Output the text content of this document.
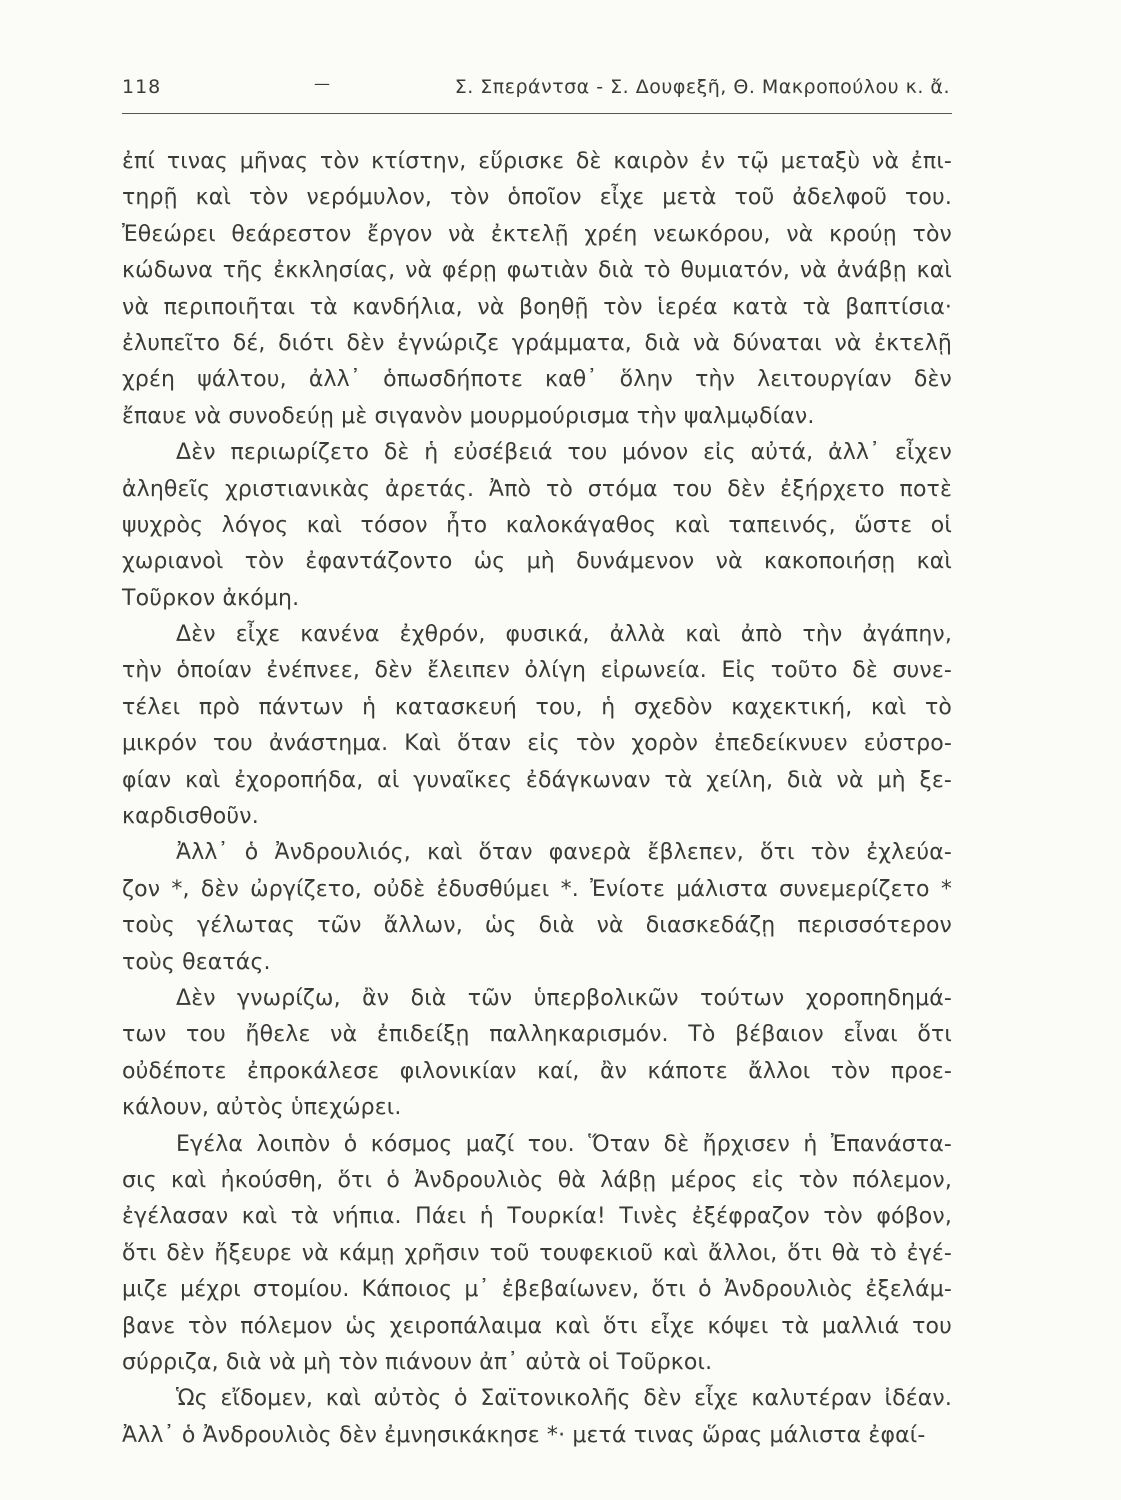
118	—	Σ. Σπεράντσα - Σ. Δουφεξῆ, Θ. Μακροπούλου κ. ἄ.
ἐπί τινας μῆνας τὸν κτίστην, εὕρισκε δὲ καιρὸν ἐν τῷ μεταξὺ νὰ ἐπι-
τηρῇ καὶ τὸν νερόμυλον, τὸν ὁποῖον εἶχε μετὰ τοῦ ἀδελφοῦ του.
Ἐθεώρει θεάρεστον ἔργον νὰ ἐκτελῇ χρέη νεωκόρου, νὰ κρούῃ τὸν
κώδωνα τῆς ἐκκλησίας, νὰ φέρῃ φωτιὰν διὰ τὸ θυμιατόν, νὰ ἀνάβῃ καὶ
νὰ περιποιῆται τὰ κανδήλια, νὰ βοηθῇ τὸν ἱερέα κατὰ τὰ βαπτίσια·
ἐλυπεῖτο δέ, διότι δὲν ἐγνώριζε γράμματα, διὰ νὰ δύναται νὰ ἐκτελῇ
χρέη ψάλτου, ἀλλ᾽ ὁπωσδήποτε καθ᾽ ὅλην τὴν λειτουργίαν δὲν
ἔπαυε νὰ συνοδεύῃ μὲ σιγανὸν μουρμούρισμα τὴν ψαλμῳδίαν.
Δὲν περιωρίζετο δὲ ἡ εὐσέβειά του μόνον εἰς αὐτά, ἀλλ᾽ εἶχεν
ἀληθεῖς χριστιανικὰς ἀρετάς. Ἀπὸ τὸ στόμα του δὲν ἐξήρχετο ποτὲ
ψυχρὸς λόγος καὶ τόσον ἦτο καλοκάγαθος καὶ ταπεινός, ὥστε οἱ
χωριανοὶ τὸν ἐφαντάζοντο ὡς μὴ δυνάμενον νὰ κακοποιήσῃ καὶ
Τοῦρκον ἀκόμη.
Δὲν εἶχε κανένα ἐχθρόν, φυσικά, ἀλλὰ καὶ ἀπὸ τὴν ἀγάπην,
τὴν ὁποίαν ἐνέπνεε, δὲν ἔλειπεν ὀλίγη εἰρωνεία. Εἰς τοῦτο δὲ συνε-
τέλει πρὸ πάντων ἡ κατασκευή του, ἡ σχεδὸν καχεκτική, καὶ τὸ
μικρόν του ἀνάστημα. Καὶ ὅταν εἰς τὸν χορὸν ἐπεδείκνυεν εὐστρο-
φίαν καὶ ἐχοροπήδα, αἱ γυναῖκες ἐδάγκωναν τὰ χείλη, διὰ νὰ μὴ ξε-
καρδισθοῦν.
Ἀλλ᾽ ὁ Ἀνδρουλιός, καὶ ὅταν φανερὰ ἔβλεπεν, ὅτι τὸν ἐχλεύα-
ζον *, δὲν ὠργίζετο, οὐδὲ ἐδυσθύμει *. Ἐνίοτε μάλιστα συνεμερίζετο *
τοὺς γέλωτας τῶν ἄλλων, ὡς διὰ νὰ διασκεδάζῃ περισσότερον
τοὺς θεατάς.
Δὲν γνωρίζω, ἂν διὰ τῶν ὑπερβολικῶν τούτων χοροπηδημά-
των του ἤθελε νὰ ἐπιδείξῃ παλληκαρισμόν. Τὸ βέβαιον εἶναι ὅτι
οὐδέποτε ἐπροκάλεσε φιλονικίαν καί, ἂν κάποτε ἄλλοι τὸν προε-
κάλουν, αὐτὸς ὑπεχώρει.
Εγέλα λοιπὸν ὁ κόσμος μαζί του. Ὅταν δὲ ἤρχισεν ἡ Ἐπανάστα-
σις καὶ ἠκούσθη, ὅτι ὁ Ἀνδρουλιὸς θὰ λάβῃ μέρος εἰς τὸν πόλεμον,
ἐγέλασαν καὶ τὰ νήπια. Πάει ἡ Τουρκία! Τινὲς ἐξέφραζον τὸν φόβον,
ὅτι δὲν ἤξευρε νὰ κάμῃ χρῆσιν τοῦ τουφεκιοῦ καὶ ἄλλοι, ὅτι θὰ τὸ ἐγέ-
μιζε μέχρι στομίου. Κάποιος μ᾽ ἐβεβαίωνεν, ὅτι ὁ Ἀνδρουλιὸς ἐξελάμ-
βανε τὸν πόλεμον ὡς χειροπάλαιμα καὶ ὅτι εἶχε κόψει τὰ μαλλιά του
σύρριζα, διὰ νὰ μὴ τὸν πιάνουν ἀπ᾽ αὐτὰ οἱ Τοῦρκοι.
Ὡς εἴδομεν, καὶ αὐτὸς ὁ Σαϊτονικολῆς δὲν εἶχε καλυτέραν ἰδέαν.
Ἀλλ᾽ ὁ Ἀνδρουλιὸς δὲν ἐμνησικάκησε *· μετά τινας ὥρας μάλιστα ἐφαί-
